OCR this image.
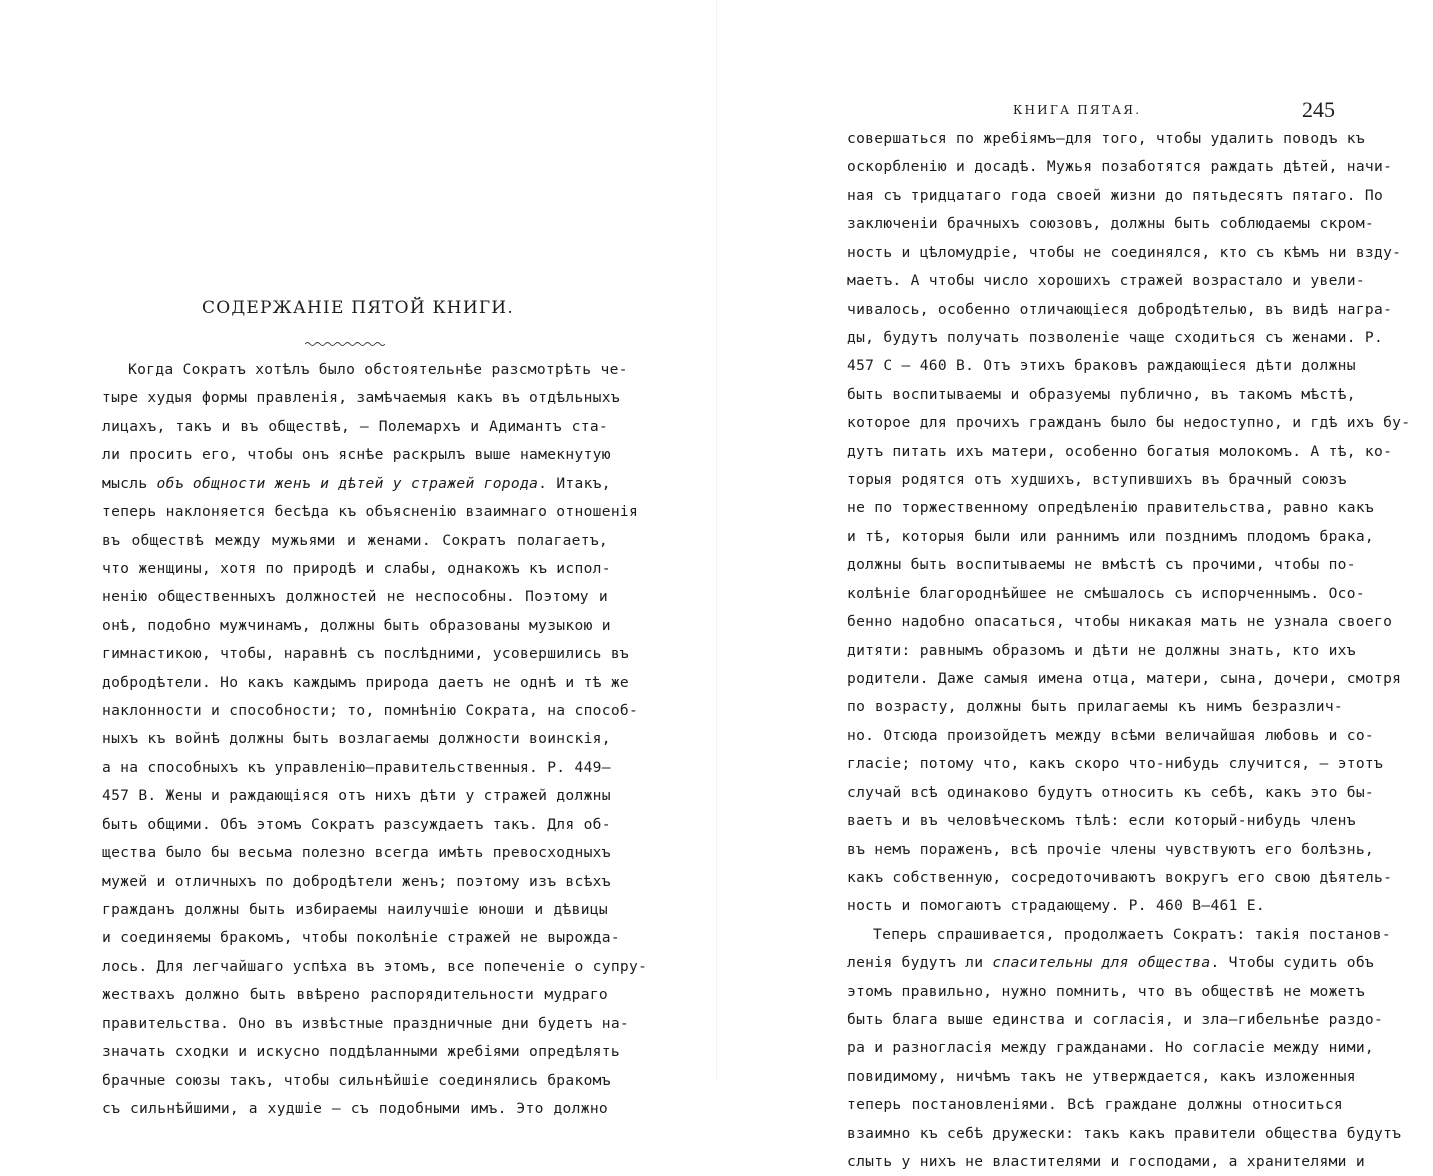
СОДЕРЖАНІЕ ПЯТОЙ КНИГИ.
Когда Сократъ хотѣлъ было обстоятельнѣе разсмотрѣть че-
тыре худыя формы правленія, замѣчаемыя какъ въ отдѣльныхъ
лицахъ, такъ и въ обществѣ, — Полемархъ и Адимантъ ста-
ли просить его, чтобы онъ яснѣе раскрылъ выше намекнутую
мысль объ общности женъ и дѣтей у стражей города. Итакъ,
теперь наклоняется бесѣда къ объясненію взаимнаго отношенія
въ обществѣ между мужьями и женами. Сократъ полагаетъ,
что женщины, хотя по природѣ и слабы, однакожъ къ испол-
ненію общественныхъ должностей не неспособны. Поэтому и
онѣ, подобно мужчинамъ, должны быть образованы музыкою и
гимнастикою, чтобы, наравнѣ съ послѣдними, усовершились въ
добродѣтели. Но какъ каждымъ природа даетъ не однѣ и тѣ же
наклонности и способности; то, помнѣнію Сократа, на способ-
ныхъ къ войнѣ должны быть возлагаемы должности воинскія,
а на способныхъ къ управленію—правительственныя. Р. 449—
457 В. Жены и раждающіяся отъ нихъ дѣти у стражей должны
быть общими. Объ этомъ Сократъ разсуждаетъ такъ. Для об-
щества было бы весьма полезно всегда имѣть превосходныхъ
мужей и отличныхъ по добродѣтели женъ; поэтому изъ всѣхъ
гражданъ должны быть избираемы наилучшіе юноши и дѣвицы
и соединяемы бракомъ, чтобы поколѣніе стражей не вырожда-
лось. Для легчайшаго успѣха въ этомъ, все попеченіе о супру-
жествахъ должно быть ввѣрено распорядительности мудраго
правительства. Оно въ извѣстные праздничные дни будетъ на-
значать сходки и искусно поддѣланными жребіями опредѣлять
брачные союзы такъ, чтобы сильнѣйшіе соединялись бракомъ
съ сильнѣйшими, а худшіе — съ подобными имъ. Это должно
КНИГА ПЯТАЯ.	245
совершаться по жребіямъ—для того, чтобы удалить поводъ къ
оскорбленію и досадѣ. Мужья позаботятся раждать дѣтей, начи-
ная съ тридцатаго года своей жизни до пятьдесятъ пятаго. По
заключеніи брачныхъ союзовъ, должны быть соблюдаемы скром-
ность и цѣломудріе, чтобы не соединялся, кто съ кѣмъ ни взду-
маетъ. А чтобы число хорошихъ стражей возрастало и увели-
чивалось, особенно отличающіеся добродѣтелью, въ видѣ награ-
ды, будутъ получать позволеніе чаще сходиться съ женами. Р.
457 С — 460 В. Отъ этихъ браковъ раждающіеся дѣти должны
быть воспитываемы и образуемы публично, въ такомъ мѣстѣ,
которое для прочихъ гражданъ было бы недоступно, и гдѣ ихъ бу-
дутъ питать ихъ матери, особенно богатыя молокомъ. А тѣ, ко-
торыя родятся отъ худшихъ, вступившихъ въ брачный союзъ
не по торжественному опредѣленію правительства, равно какъ
и тѣ, которыя были или раннимъ или позднимъ плодомъ брака,
должны быть воспитываемы не вмѣстѣ съ прочими, чтобы по-
колѣніе благороднѣйшее не смѣшалось съ испорченнымъ. Осо-
бенно надобно опасаться, чтобы никакая мать не узнала своего
дитяти: равнымъ образомъ и дѣти не должны знать, кто ихъ
родители. Даже самыя имена отца, матери, сына, дочери, смотря
по возрасту, должны быть прилагаемы къ нимъ безразлич-
но. Отсюда произойдетъ между всѣми величайшая любовь и со-
гласіе; потому что, какъ скоро что-нибудь случится, — этотъ
случай всѣ одинаково будутъ относить къ себѣ, какъ это бы-
ваетъ и въ человѣческомъ тѣлѣ: если который-нибудь членъ
въ немъ пораженъ, всѣ прочіе члены чувствуютъ его болѣзнь,
какъ собственную, сосредоточиваютъ вокругъ его свою дѣятель-
ность и помогаютъ страдающему. Р. 460 В—461 Е.
Теперь спрашивается, продолжаетъ Сократъ: такія постанов-
ленія будутъ ли спасительны для общества. Чтобы судить объ
этомъ правильно, нужно помнить, что въ обществѣ не можетъ
быть блага выше единства и согласія, и зла—гибельнѣе раздо-
ра и разногласія между гражданами. Но согласіе между ними,
повидимому, ничѣмъ такъ не утверждается, какъ изложенныя
теперь постановленіями. Всѣ граждане должны относиться
взаимно къ себѣ дружески: такъ какъ правители общества будутъ
слыть у нихъ не властителями и господами, а хранителями и
